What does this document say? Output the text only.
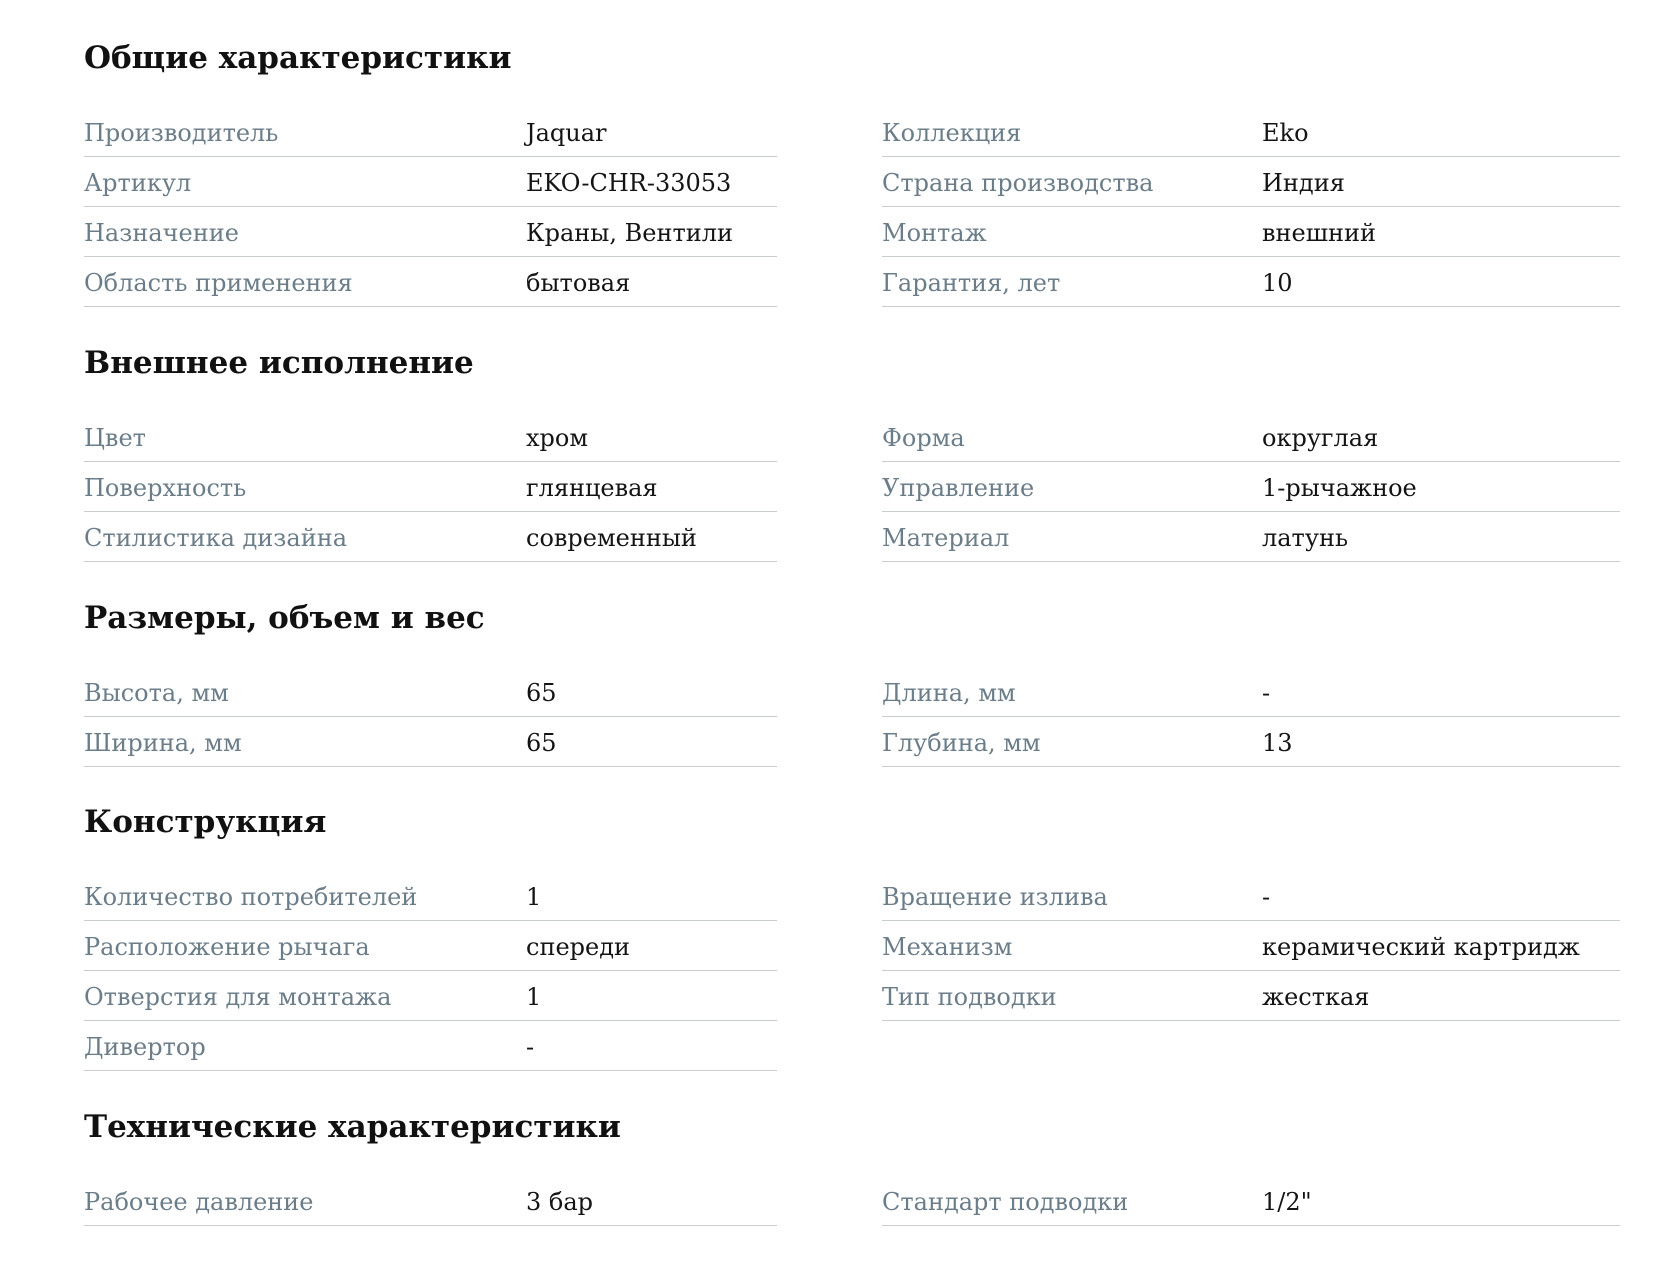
Общие характеристики
Производитель	Jaquar
Артикул	EKO-CHR-33053
Назначение	Краны, Вентили
Область применения	бытовая
Коллекция	Eko
Страна производства	Индия
Монтаж	внешний
Гарантия, лет	10
Внешнее исполнение
Цвет	хром
Поверхность	глянцевая
Стилистика дизайна	современный
Форма	округлая
Управление	1-рычажное
Материал	латунь
Размеры, объем и вес
Высота, мм	65
Ширина, мм	65
Длина, мм	-
Глубина, мм	13
Конструкция
Количество потребителей	1
Расположение рычага	спереди
Отверстия для монтажа	1
Дивертор	-
Вращение излива	-
Механизм	керамический картридж
Тип подводки	жесткая
Технические характеристики
Рабочее давление	3 бар	Стандарт подводки	1/2"
